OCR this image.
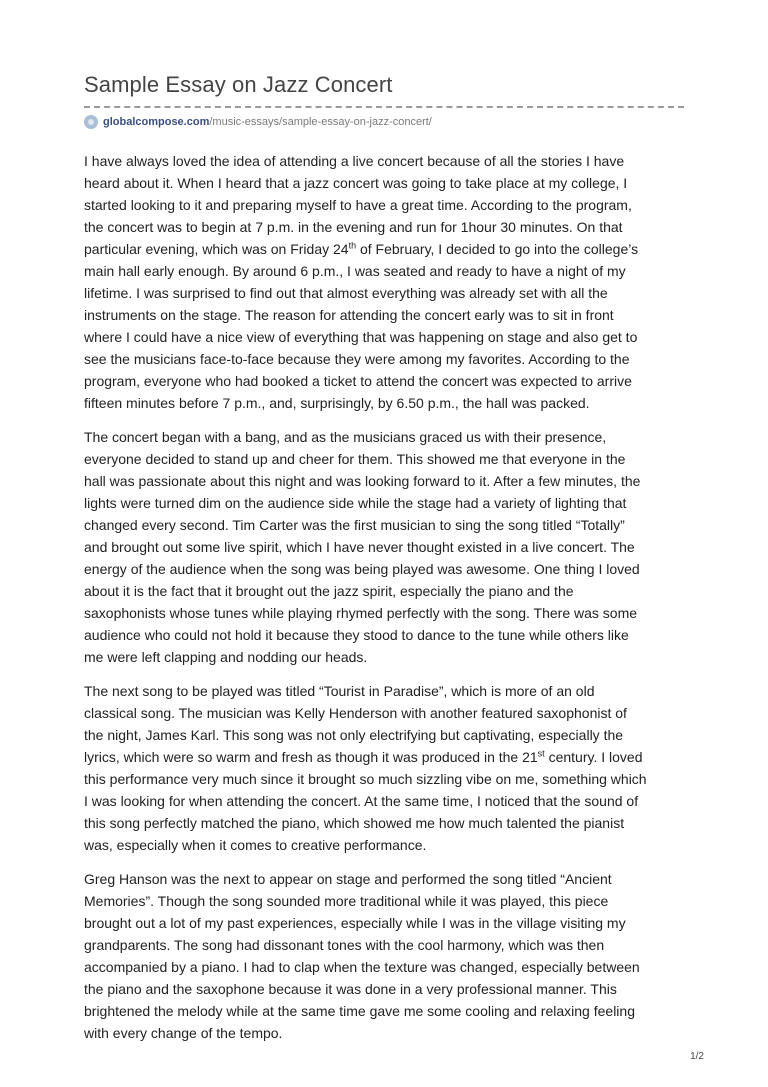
Sample Essay on Jazz Concert
globalcompose.com /music-essays/sample-essay-on-jazz-concert/

I have always loved the idea of attending a live concert because of all the stories I have
heard about it. When I heard that a jazz concert was going to take place at my college, I
started looking to it and preparing myself to have a great time. According to the program,
the concert was to begin at 7 p.m. in the evening and run for 1hour 30 minutes. On that
particular evening, which was on Friday 24th of February, I decided to go into the college’s
main hall early enough. By around 6 p.m., I was seated and ready to have a night of my
lifetime. I was surprised to find out that almost everything was already set with all the
instruments on the stage. The reason for attending the concert early was to sit in front
where I could have a nice view of everything that was happening on stage and also get to
see the musicians face-to-face because they were among my favorites. According to the
program, everyone who had booked a ticket to attend the concert was expected to arrive
fifteen minutes before 7 p.m., and, surprisingly, by 6.50 p.m., the hall was packed.

The concert began with a bang, and as the musicians graced us with their presence,
everyone decided to stand up and cheer for them. This showed me that everyone in the
hall was passionate about this night and was looking forward to it. After a few minutes, the
lights were turned dim on the audience side while the stage had a variety of lighting that
changed every second. Tim Carter was the first musician to sing the song titled “Totally”
and brought out some live spirit, which I have never thought existed in a live concert. The
energy of the audience when the song was being played was awesome. One thing I loved
about it is the fact that it brought out the jazz spirit, especially the piano and the
saxophonists whose tunes while playing rhymed perfectly with the song. There was some
audience who could not hold it because they stood to dance to the tune while others like
me were left clapping and nodding our heads.

The next song to be played was titled “Tourist in Paradise”, which is more of an old
classical song. The musician was Kelly Henderson with another featured saxophonist of
the night, James Karl. This song was not only electrifying but captivating, especially the
lyrics, which were so warm and fresh as though it was produced in the 21st century. I loved
this performance very much since it brought so much sizzling vibe on me, something which
I was looking for when attending the concert. At the same time, I noticed that the sound of
this song perfectly matched the piano, which showed me how much talented the pianist
was, especially when it comes to creative performance.

Greg Hanson was the next to appear on stage and performed the song titled “Ancient
Memories”. Though the song sounded more traditional while it was played, this piece
brought out a lot of my past experiences, especially while I was in the village visiting my
grandparents. The song had dissonant tones with the cool harmony, which was then
accompanied by a piano. I had to clap when the texture was changed, especially between
the piano and the saxophone because it was done in a very professional manner. This
brightened the melody while at the same time gave me some cooling and relaxing feeling
with every change of the tempo.

1/2
